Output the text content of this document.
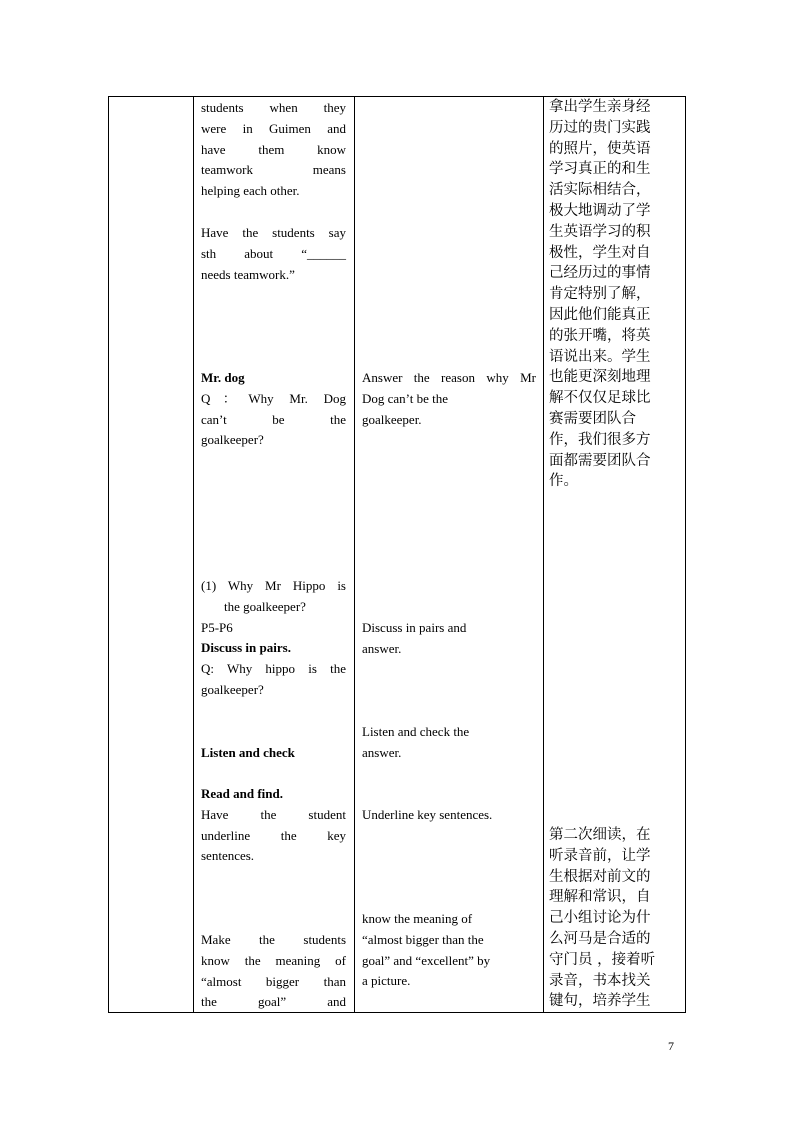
students when they
were in Guimen and
have them know
teamwork means
helping each other.
Have the students say
sth about “______
needs teamwork.”
Mr. dog
Q：Why Mr. Dog
can’t be the
goalkeeper?
(1) Why Mr Hippo is
the goalkeeper?
P5-P6
Discuss in pairs.
Q: Why hippo is the
goalkeeper?
Listen and check
Read and find.
Have the student
underline the key
sentences.
Make the students
know the meaning of
“almost bigger than
the goal” and
Answer the reason why Mr
Dog can’t be the
goalkeeper.
Discuss in pairs and
answer.
Listen and check the
answer.
Underline key sentences.
know the meaning of
“almost bigger than the
goal” and “excellent” by
a picture.
拿出学生亲身经
历过的贵门实践
的照片，使英语
学习真正的和生
活实际相结合，
极大地调动了学
生英语学习的积
极性，学生对自
己经历过的事情
肯定特别了解，
因此他们能真正
的张开嘴，将英
语说出来。学生
也能更深刻地理
解不仅仅足球比
赛需要团队合
作，我们很多方
面都需要团队合
作。
第二次细读，在
听录音前，让学
生根据对前文的
理解和常识，自
己小组讨论为什
么河马是合适的
守门员 ，接着听
录音，书本找关
键句，培养学生
7
